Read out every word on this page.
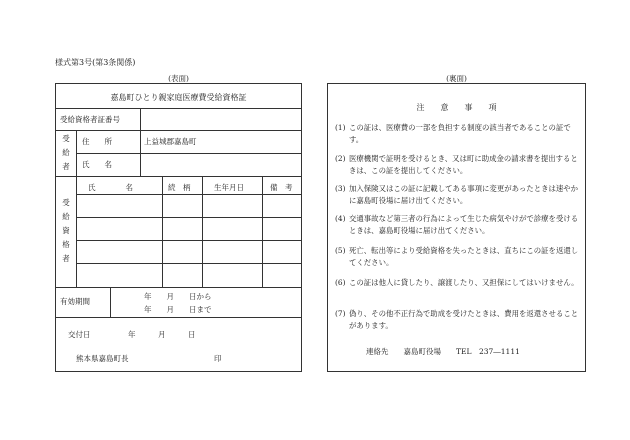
様式第3号(第3条関係)
(表面)	(裏面)
嘉島町ひとり親家庭医療費受給資格証
受給資格者証番号
受
給
者
住　　所	上益城郡嘉島町
氏　　名
受
給
資
格
者
氏　　　　名	続　柄	生年月日	備　考
有効期間
年　　月　　日から
年　　月　　日まで
交付日　　　　　年　　　月　　　日
熊本県嘉島町長	印
注　　意　　事　　項
(1) この証は、医療費の一部を負担する制度の該当者であることの証です。
(2) 医療機関で証明を受けるとき、又は町に助成金の請求書を提出するときは、この証を提出してください。
(3) 加入保険又はこの証に記載してある事項に変更があったときは速やかに嘉島町役場に届け出てください。
(4) 交通事故など第三者の行為によって生じた病気やけがで診療を受けるときは、嘉島町役場に届け出てください。
(5) 死亡、転出等により受給資格を失ったときは、直ちにこの証を返還してください。
(6) この証は他人に貸したり、譲渡したり、又担保にしてはいけません。
(7) 偽り、その他不正行為で助成を受けたときは、費用を返還させることがあります。
連絡先　　嘉島町役場　　TEL　237―1111
